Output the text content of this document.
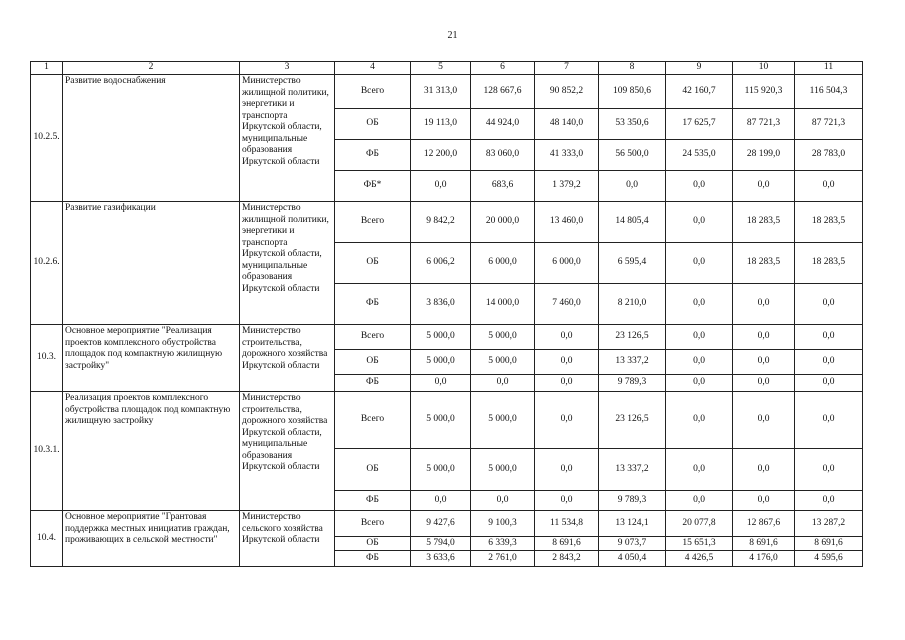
21
1	2	3	4	5	6	7	8	9	10	11
10.2.5.	Развитие водоснабжения	Министерство жилищной политики, энергетики и транспорта Иркутской области, муниципальные образования Иркутской области	Всего	31 313,0	128 667,6	90 852,2	109 850,6	42 160,7	115 920,3	116 504,3
			ОБ	19 113,0	44 924,0	48 140,0	53 350,6	17 625,7	87 721,3	87 721,3
			ФБ	12 200,0	83 060,0	41 333,0	56 500,0	24 535,0	28 199,0	28 783,0
			ФБ*	0,0	683,6	1 379,2	0,0	0,0	0,0	0,0
10.2.6.	Развитие газификации	Министерство жилищной политики, энергетики и транспорта Иркутской области, муниципальные образования Иркутской области	Всего	9 842,2	20 000,0	13 460,0	14 805,4	0,0	18 283,5	18 283,5
			ОБ	6 006,2	6 000,0	6 000,0	6 595,4	0,0	18 283,5	18 283,5
			ФБ	3 836,0	14 000,0	7 460,0	8 210,0	0,0	0,0	0,0
10.3.	Основное мероприятие "Реализация проектов комплексного обустройства площадок под компактную жилищную застройку"	Министерство строительства, дорожного хозяйства Иркутской области	Всего	5 000,0	5 000,0	0,0	23 126,5	0,0	0,0	0,0
			ОБ	5 000,0	5 000,0	0,0	13 337,2	0,0	0,0	0,0
			ФБ	0,0	0,0	0,0	9 789,3	0,0	0,0	0,0
10.3.1.	Реализация проектов комплексного обустройства площадок под компактную жилищную застройку	Министерство строительства, дорожного хозяйства Иркутской области, муниципальные образования Иркутской области	Всего	5 000,0	5 000,0	0,0	23 126,5	0,0	0,0	0,0
			ОБ	5 000,0	5 000,0	0,0	13 337,2	0,0	0,0	0,0
			ФБ	0,0	0,0	0,0	9 789,3	0,0	0,0	0,0
10.4.	Основное мероприятие "Грантовая поддержка местных инициатив граждан, проживающих в сельской местности"	Министерство сельского хозяйства Иркутской области	Всего	9 427,6	9 100,3	11 534,8	13 124,1	20 077,8	12 867,6	13 287,2
			ОБ	5 794,0	6 339,3	8 691,6	9 073,7	15 651,3	8 691,6	8 691,6
			ФБ	3 633,6	2 761,0	2 843,2	4 050,4	4 426,5	4 176,0	4 595,6
